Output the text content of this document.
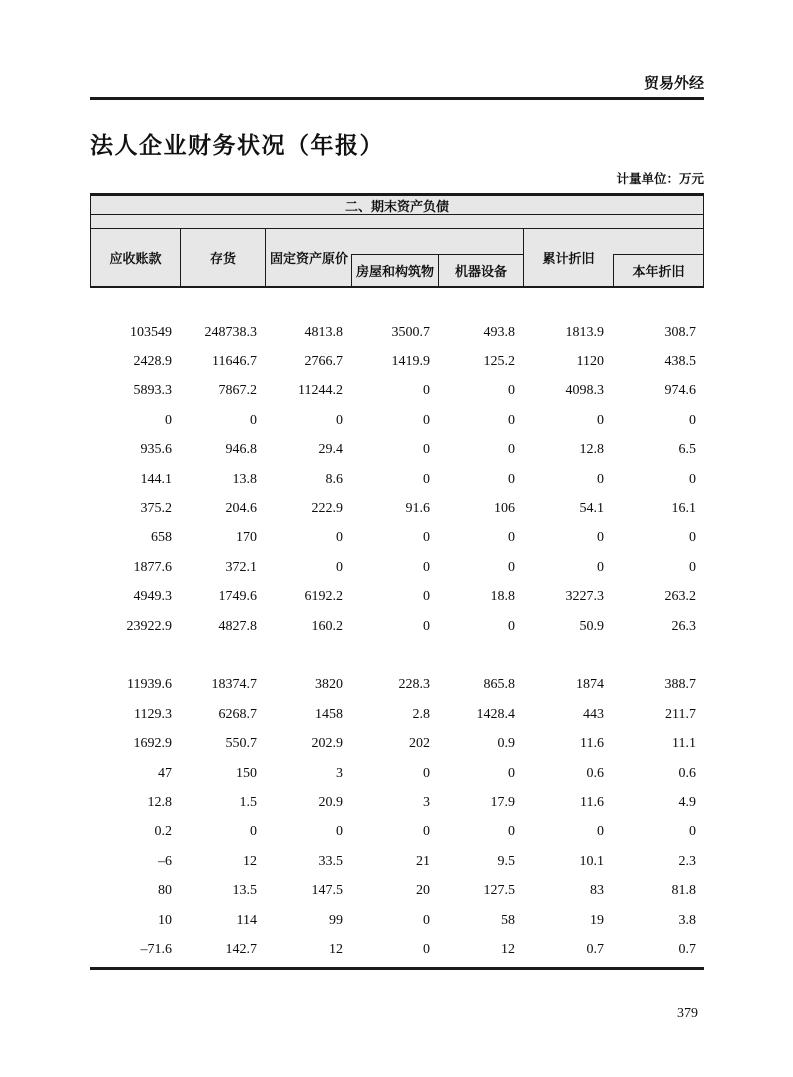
贸易外经
法人企业财务状况（年报）
计量单位：万元
二、期末资产负债
应收账款	存货	固定资产原价
房屋和构筑物	机器设备
累计折旧
本年折旧
103549	248738.3	4813.8	3500.7	493.8	1813.9	308.7
2428.9	11646.7	2766.7	1419.9	125.2	1120	438.5
5893.3	7867.2	11244.2	0	0	4098.3	974.6
0	0	0	0	0	0	0
935.6	946.8	29.4	0	0	12.8	6.5
144.1	13.8	8.6	0	0	0	0
375.2	204.6	222.9	91.6	106	54.1	16.1
658	170	0	0	0	0	0
1877.6	372.1	0	0	0	0	0
4949.3	1749.6	6192.2	0	18.8	3227.3	263.2
23922.9	4827.8	160.2	0	0	50.9	26.3
11939.6	18374.7	3820	228.3	865.8	1874	388.7
1129.3	6268.7	1458	2.8	1428.4	443	211.7
1692.9	550.7	202.9	202	0.9	11.6	11.1
47	150	3	0	0	0.6	0.6
12.8	1.5	20.9	3	17.9	11.6	4.9
0.2	0	0	0	0	0	0
–6	12	33.5	21	9.5	10.1	2.3
80	13.5	147.5	20	127.5	83	81.8
10	114	99	0	58	19	3.8
–71.6	142.7	12	0	12	0.7	0.7
379
